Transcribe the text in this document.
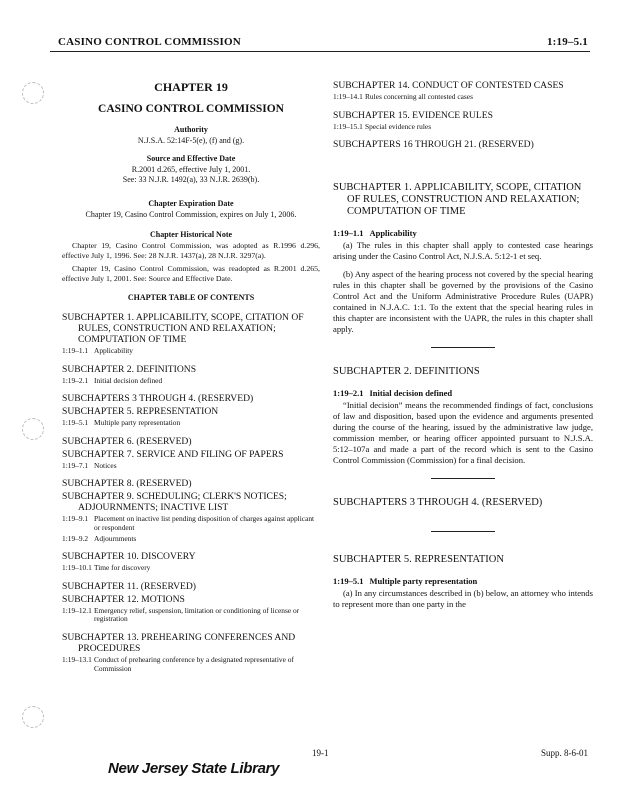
CASINO CONTROL COMMISSION	1:19–5.1

CHAPTER 19

CASINO CONTROL COMMISSION

Authority

N.J.S.A. 52:14F-5(e), (f) and (g).

Source and Effective Date

R.2001 d.265, effective July 1, 2001.

See: 33 N.J.R. 1492(a), 33 N.J.R. 2639(b).

Chapter Expiration Date

Chapter 19, Casino Control Commission, expires on July 1, 2006.

Chapter Historical Note

Chapter 19, Casino Control Commission, was adopted as R.1996 d.296, effective July 1, 1996. See: 28 N.J.R. 1437(a), 28 N.J.R. 3297(a).

Chapter 19, Casino Control Commission, was readopted as R.2001 d.265, effective July 1, 2001. See: Source and Effective Date.

CHAPTER TABLE OF CONTENTS

SUBCHAPTER 1. APPLICABILITY, SCOPE, CITATION OF RULES, CONSTRUCTION AND RELAXATION; COMPUTATION OF TIME

1:19–1.1 Applicability

SUBCHAPTER 2. DEFINITIONS

1:19–2.1 Initial decision defined

SUBCHAPTERS 3 THROUGH 4. (RESERVED)

SUBCHAPTER 5. REPRESENTATION

1:19–5.1 Multiple party representation

SUBCHAPTER 6. (RESERVED)

SUBCHAPTER 7. SERVICE AND FILING OF PAPERS

1:19–7.1 Notices

SUBCHAPTER 8. (RESERVED)

SUBCHAPTER 9. SCHEDULING; CLERK'S NOTICES; ADJOURNMENTS; INACTIVE LIST

1:19–9.1 Placement on inactive list pending disposition of charges against applicant or respondent
1:19–9.2 Adjournments

SUBCHAPTER 10. DISCOVERY

1:19–10.1 Time for discovery

SUBCHAPTER 11. (RESERVED)

SUBCHAPTER 12. MOTIONS

1:19–12.1 Emergency relief, suspension, limitation or conditioning of license or registration

SUBCHAPTER 13. PREHEARING CONFERENCES AND PROCEDURES

1:19–13.1 Conduct of prehearing conference by a designated representative of Commission

SUBCHAPTER 14. CONDUCT OF CONTESTED CASES

1:19–14.1 Rules concerning all contested cases

SUBCHAPTER 15. EVIDENCE RULES

1:19–15.1 Special evidence rules

SUBCHAPTERS 16 THROUGH 21. (RESERVED)

SUBCHAPTER 1. APPLICABILITY, SCOPE, CITATION OF RULES, CONSTRUCTION AND RELAXATION; COMPUTATION OF TIME

1:19–1.1 Applicability

(a) The rules in this chapter shall apply to contested case hearings arising under the Casino Control Act, N.J.S.A. 5:12-1 et seq.

(b) Any aspect of the hearing process not covered by the special hearing rules in this chapter shall be governed by the provisions of the Casino Control Act and the Uniform Administrative Procedure Rules (UAPR) contained in N.J.A.C. 1:1. To the extent that the special hearing rules in this chapter are inconsistent with the UAPR, the rules in this chapter shall apply.

SUBCHAPTER 2. DEFINITIONS

1:19–2.1 Initial decision defined

“Initial decision” means the recommended findings of fact, conclusions of law and disposition, based upon the evidence and arguments presented during the course of the hearing, issued by the administrative law judge, commission member, or hearing officer appointed pursuant to N.J.S.A. 5:12–107a and made a part of the record which is sent to the Casino Control Commission (Commission) for a final decision.

SUBCHAPTERS 3 THROUGH 4. (RESERVED)

SUBCHAPTER 5. REPRESENTATION

1:19–5.1 Multiple party representation

(a) In any circumstances described in (b) below, an attorney who intends to represent more than one party in the

19-1	Supp. 8-6-01
New Jersey State Library
